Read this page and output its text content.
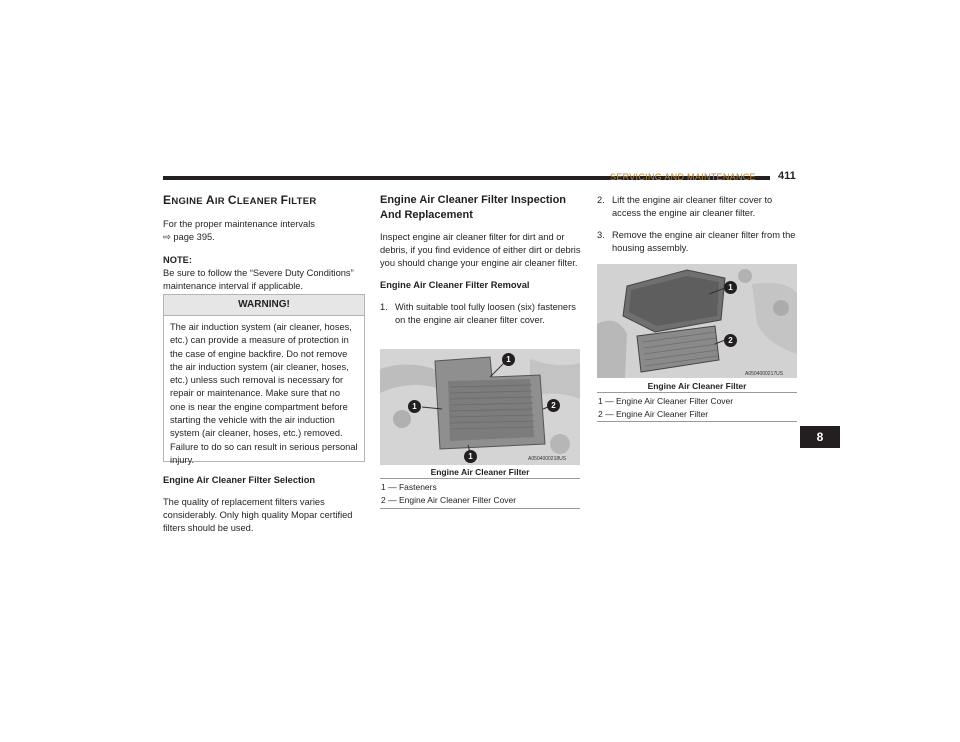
SERVICING AND MAINTENANCE 411
ENGINE AIR CLEANER FILTER

For the proper maintenance intervals

⇨ page 395.

NOTE:

Be sure to follow the “Severe Duty Conditions” maintenance interval if applicable.

WARNING!
The air induction system (air cleaner, hoses, etc.) can provide a measure of protection in the case of engine backfire. Do not remove the air induction system (air cleaner, hoses, etc.) unless such removal is necessary for repair or maintenance. Make sure that no one is near the engine compartment before starting the vehicle with the air induction system (air cleaner, hoses, etc.) removed. Failure to do so can result in serious personal injury.

Engine Air Cleaner Filter Selection

The quality of replacement filters varies considerably. Only high quality Mopar certified filters should be used.

Engine Air Cleaner Filter Inspection And Replacement

Inspect engine air cleaner filter for dirt and or debris, if you find evidence of either dirt or debris you should change your engine air cleaner filter.

Engine Air Cleaner Filter Removal

1. With suitable tool fully loosen (six) fasteners on the engine air cleaner filter cover.
1
1	2
1	A0504000218US
Engine Air Cleaner Filter

1 — Fasteners

2 — Engine Air Cleaner Filter Cover

2. Lift the engine air cleaner filter cover to access the engine air cleaner filter.
3. Remove the engine air cleaner filter from the housing assembly.
1
2
A0504000217US
Engine Air Cleaner Filter

1 — Engine Air Cleaner Filter Cover

2 — Engine Air Cleaner Filter

8
